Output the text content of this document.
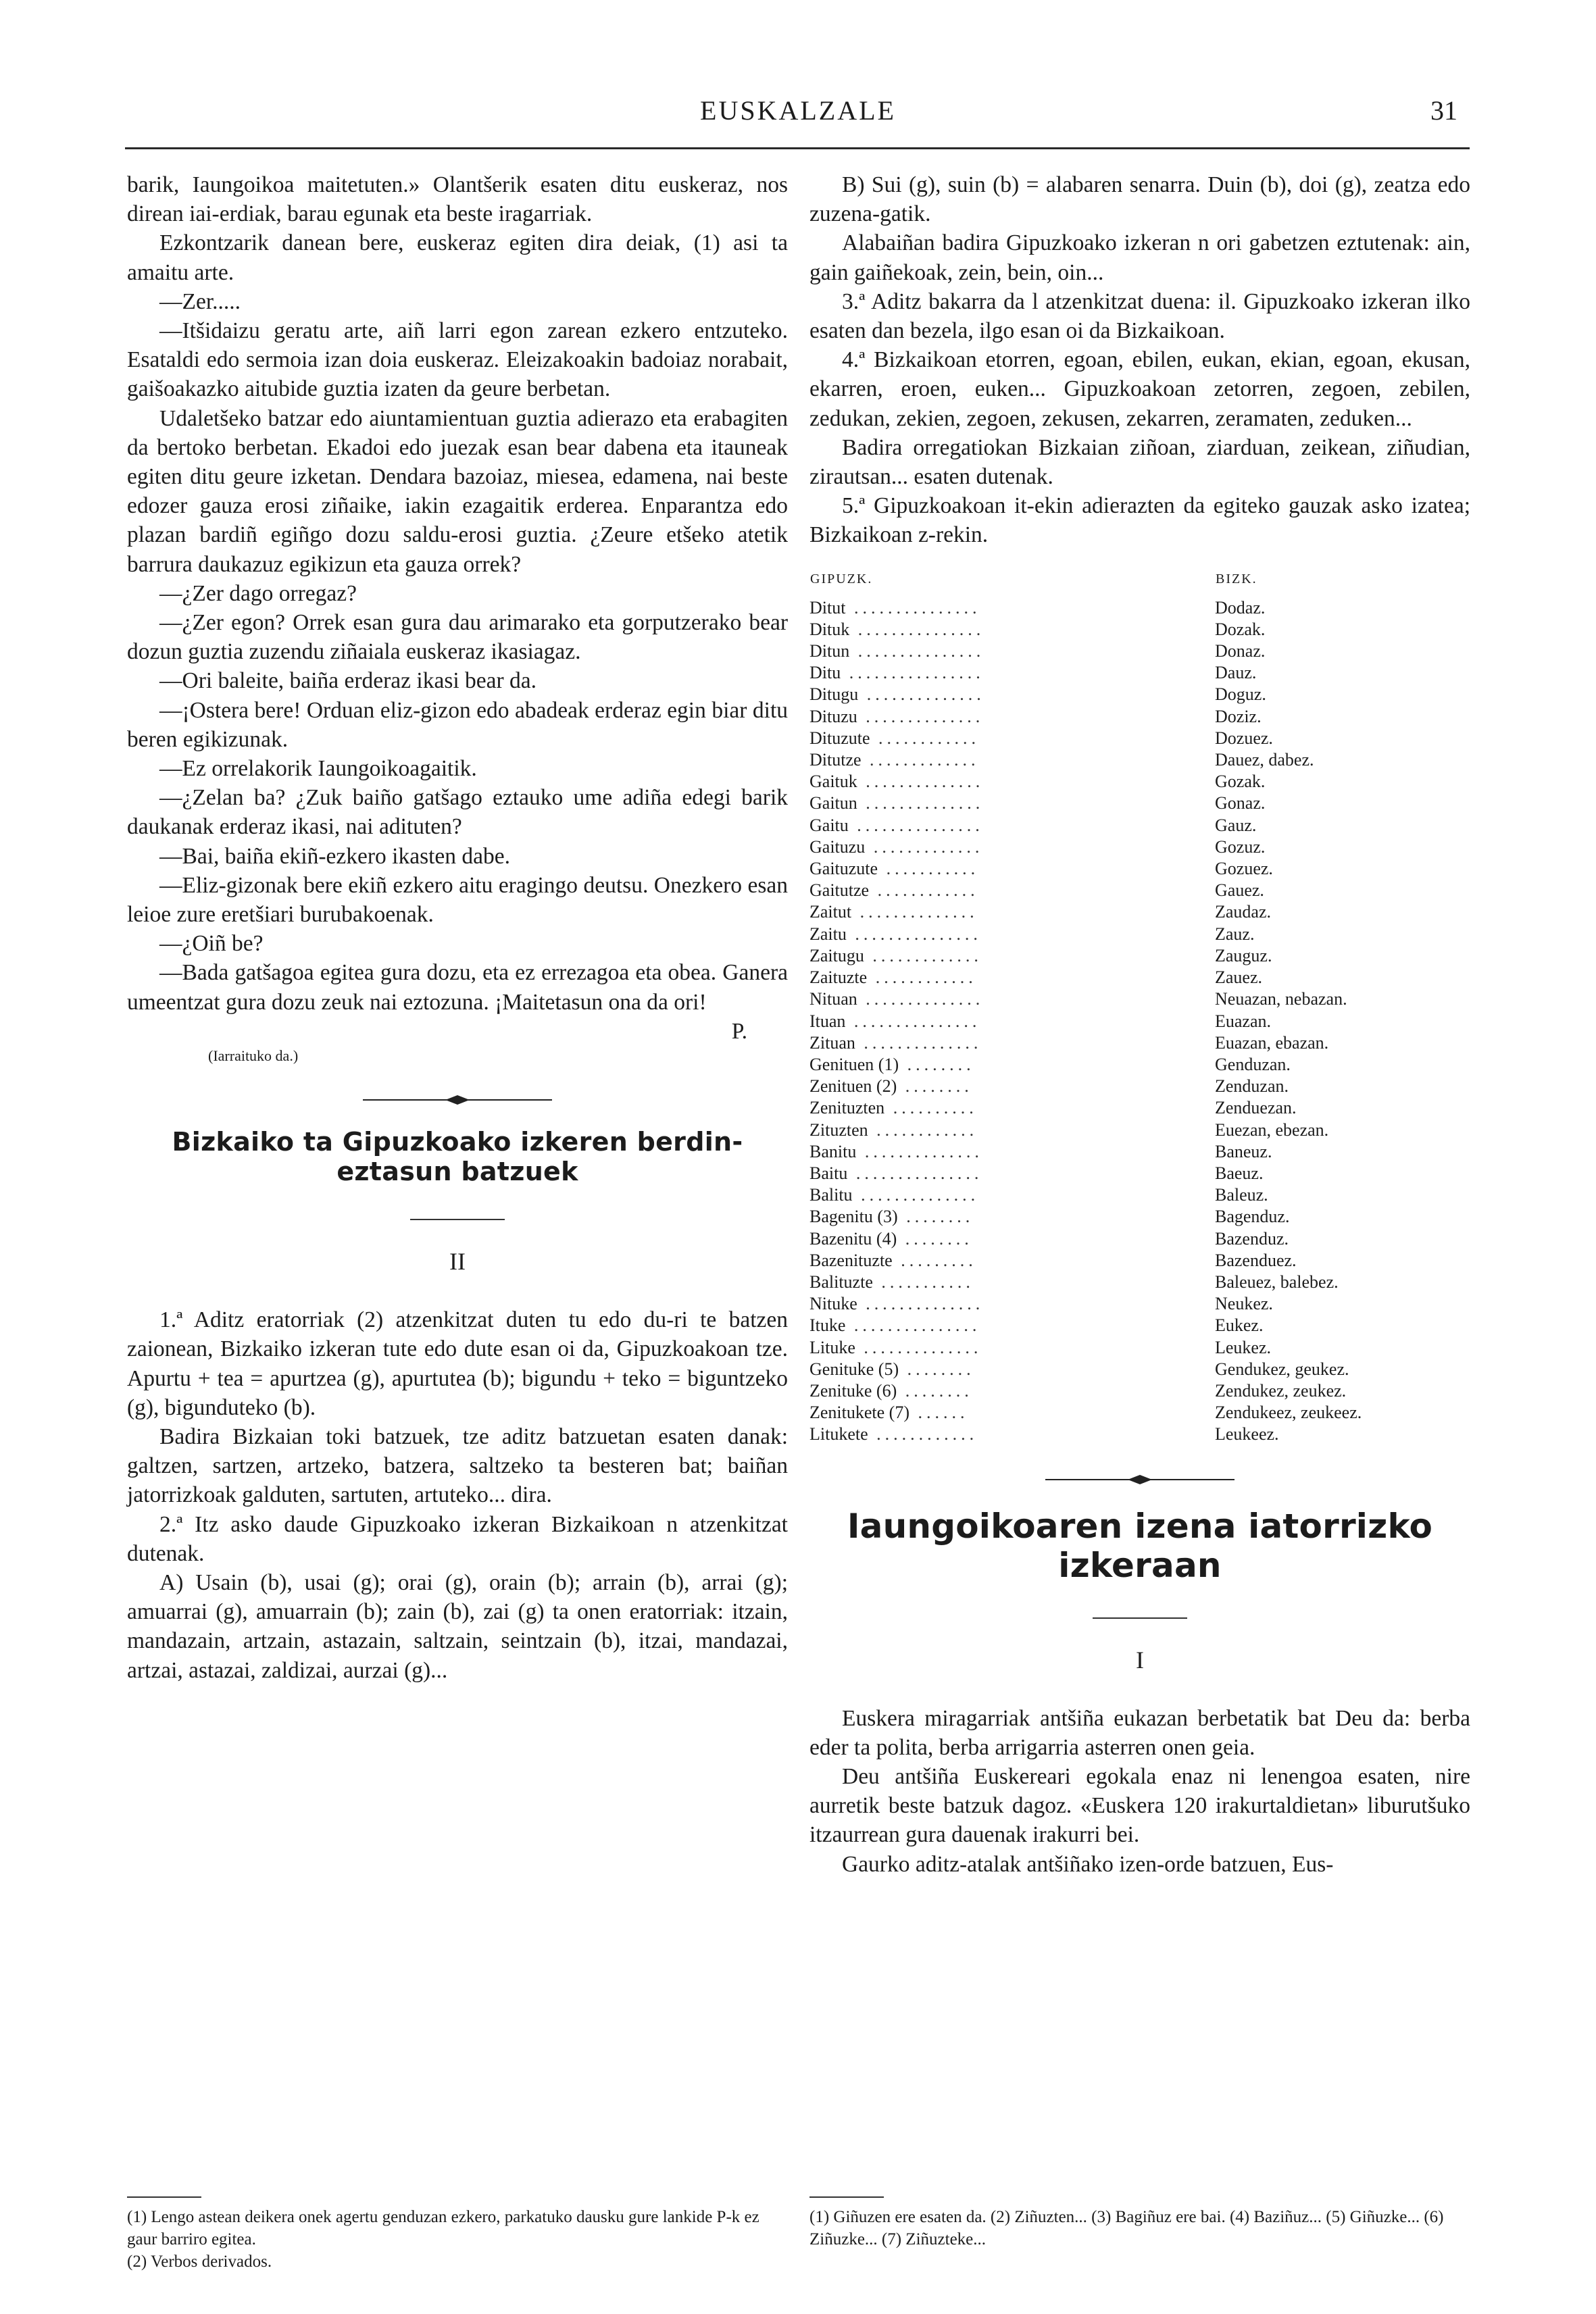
EUSKALZALE	31

barik, Iaungoikoa maitetuten.» Olantšerik esaten ditu euskeraz, nos direan iai-erdiak, barau egunak eta beste iragarriak.

Ezkontzarik danean bere, euskeraz egiten dira deiak, (1) asi ta amaitu arte.

—Zer.....

—Itšidaizu geratu arte, aiñ larri egon zarean ezkero entzuteko. Esataldi edo sermoia izan doia euskeraz. Eleizakoakin badoiaz norabait, gaišoakazko aitubide guztia izaten da geure berbetan.

Udaletšeko batzar edo aiuntamientuan guztia adierazo eta erabagiten da bertoko berbetan. Ekadoi edo juezak esan bear dabena eta itauneak egiten ditu geure izketan. Dendara bazoiaz, miesea, edamena, nai beste edozer gauza erosi ziñaike, iakin ezagaitik erderea. Enparantza edo plazan bardiñ egiñgo dozu saldu-erosi guztia. ¿Zeure etšeko atetik barrura daukazuz egikizun eta gauza orrek?

—¿Zer dago orregaz?

—¿Zer egon? Orrek esan gura dau arimarako eta gorputzerako bear dozun guztia zuzendu ziñaiala euskeraz ikasiagaz.

—Ori baleite, baiña erderaz ikasi bear da.

—¡Ostera bere! Orduan eliz-gizon edo abadeak erderaz egin biar ditu beren egikizunak.

—Ez orrelakorik Iaungoikoagaitik.

—¿Zelan ba? ¿Zuk baiño gatšago eztauko ume adiña edegi barik daukanak erderaz ikasi, nai adituten?

—Bai, baiña ekiñ-ezkero ikasten dabe.

—Eliz-gizonak bere ekiñ ezkero aitu eragingo deutsu. Onezkero esan leioe zure eretšiari burubakoenak.

—¿Oiñ be?

—Bada gatšagoa egitea gura dozu, eta ez errezagoa eta obea. Ganera umeentzat gura dozu zeuk nai eztozuna. ¡Maitetasun ona da ori!

P.

(Iarraituko da.)

Bizkaiko ta Gipuzkoako izkeren berdin-eztasun batzuek
II

1.ª Aditz eratorriak (2) atzenkitzat duten tu edo du-ri te batzen zaionean, Bizkaiko izkeran tute edo dute esan oi da, Gipuzkoakoan tze. Apurtu + tea = apurtzea (g), apurtutea (b); bigundu + teko = biguntzeko (g), bigunduteko (b).

Badira Bizkaian toki batzuek, tze aditz batzuetan esaten danak: galtzen, sartzen, artzeko, batzera, saltzeko ta besteren bat; baiñan jatorrizkoak galduten, sartuten, artuteko... dira.

2.ª Itz asko daude Gipuzkoako izkeran Bizkaikoan n atzenkitzat dutenak.

A) Usain (b), usai (g); orai (g), orain (b); arrain (b), arrai (g); amuarrai (g), amuarrain (b); zain (b), zai (g) ta onen eratorriak: itzain, mandazain, artzain, astazain, saltzain, seintzain (b), itzai, mandazai, artzai, astazai, zaldizai, aurzai (g)...

(1) Lengo astean deikera onek agertu genduzan ezkero, parkatuko dausku gure lankide P-k ez gaur barriro egitea.

(2) Verbos derivados.

B) Sui (g), suin (b) = alabaren senarra. Duin (b), doi (g), zeatza edo zuzena-gatik.

Alabaiñan badira Gipuzkoako izkeran n ori gabetzen eztutenak: ain, gain gaiñekoak, zein, bein, oin...

3.ª Aditz bakarra da l atzenkitzat duena: il. Gipuzkoako izkeran ilko esaten dan bezela, ilgo esan oi da Bizkaikoan.

4.ª Bizkaikoan etorren, egoan, ebilen, eukan, ekian, egoan, ekusan, ekarren, eroen, euken... Gipuzkoakoan zetorren, zegoen, zebilen, zedukan, zekien, zegoen, zekusen, zekarren, zeramaten, zeduken...

Badira orregatiokan Bizkaian ziñoan, ziarduan, zeikean, ziñudian, zirautsan... esaten dutenak.

5.ª Gipuzkoakoan it-ekin adierazten da egiteko gauzak asko izatea; Bizkaikoan z-rekin.

GIPUZK.	BIZK.
Ditut ...............	Dodaz.
Dituk ...............	Dozak.
Ditun ...............	Donaz.
Ditu ................	Dauz.
Ditugu ..............	Doguz.
Dituzu ..............	Doziz.
Dituzute ............	Dozuez.
Ditutze .............	Dauez, dabez.
Gaituk ..............	Gozak.
Gaitun ..............	Gonaz.
Gaitu ...............	Gauz.
Gaituzu .............	Gozuz.
Gaituzute ...........	Gozuez.
Gaitutze ............	Gauez.
Zaitut ..............	Zaudaz.
Zaitu ...............	Zauz.
Zaitugu .............	Zauguz.
Zaituzte ............	Zauez.
Nituan ..............	Neuazan, nebazan.
Ituan ...............	Euazan.
Zituan ..............	Euazan, ebazan.
Genituen (1) ........	Genduzan.
Zenituen (2) ........	Zenduzan.
Zenituzten ..........	Zenduezan.
Zituzten ............	Euezan, ebezan.
Banitu ..............	Baneuz.
Baitu ...............	Baeuz.
Balitu ..............	Baleuz.
Bagenitu (3) ........	Bagenduz.
Bazenitu (4) ........	Bazenduz.
Bazenituzte .........	Bazenduez.
Balituzte ...........	Baleuez, balebez.
Nituke ..............	Neukez.
Ituke ...............	Eukez.
Lituke ..............	Leukez.
Genituke (5) ........	Gendukez, geukez.
Zenituke (6) ........	Zendukez, zeukez.
Zenitukete (7) ......	Zendukeez, zeukeez.
Litukete ............	Leukeez.
Iaungoikoaren izena iatorrizko izkeraan
I

Euskera miragarriak antšiña eukazan berbetatik bat Deu da: berba eder ta polita, berba arrigarria asterren onen geia.

Deu antšiña Euskereari egokala enaz ni lenengoa esaten, nire aurretik beste batzuk dagoz. «Euskera 120 irakurtaldietan» liburutšuko itzaurrean gura dauenak irakurri bei.

Gaurko aditz-atalak antšiñako izen-orde batzuen, Eus-

(1) Giñuzen ere esaten da. (2) Ziñuzten... (3) Bagiñuz ere bai. (4) Baziñuz... (5) Giñuzke... (6) Ziñuzke... (7) Ziñuzteke...
